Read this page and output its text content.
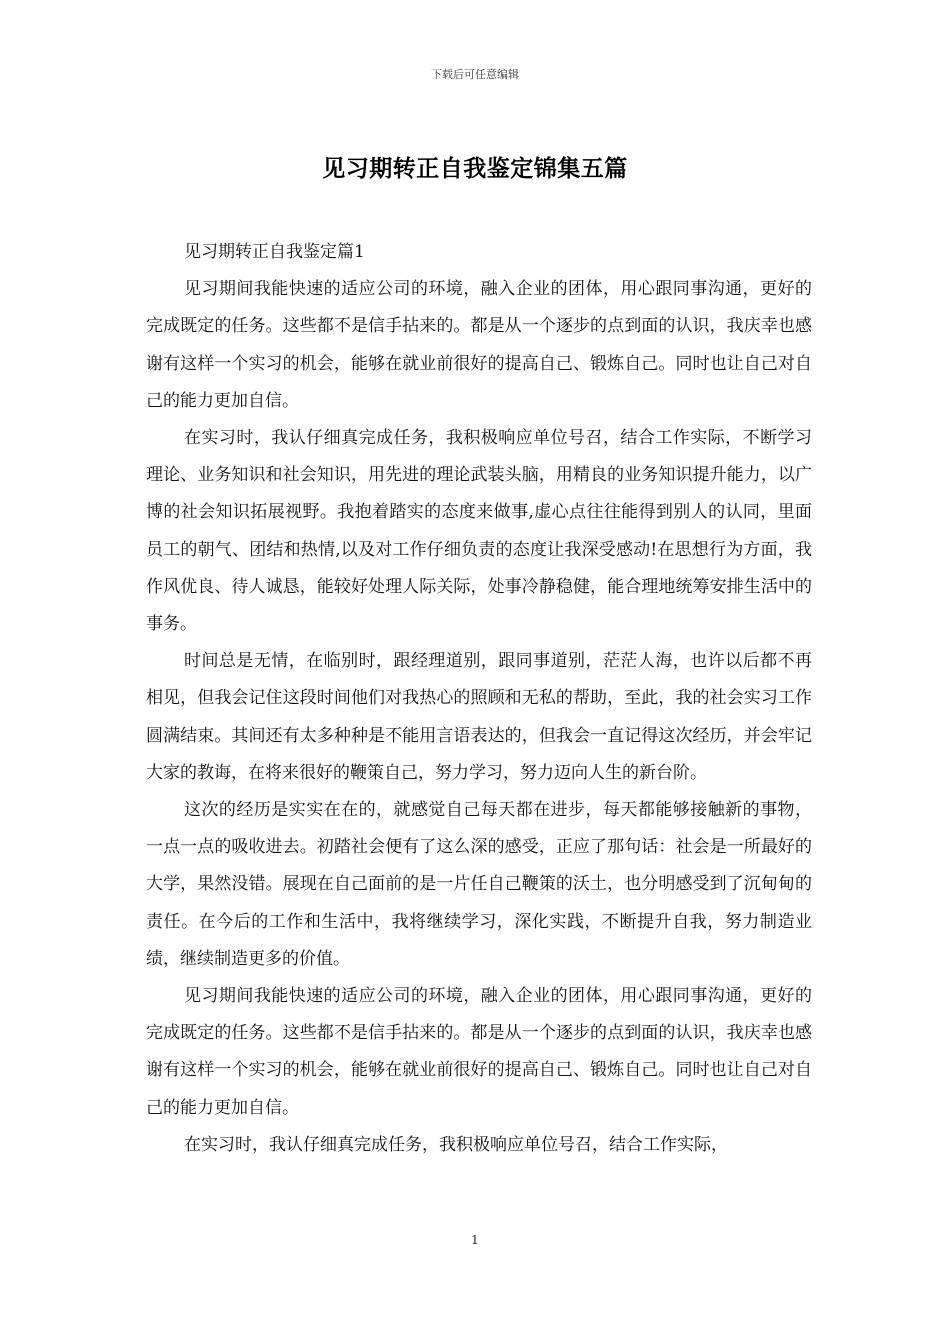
下载后可任意编辑
见习期转正自我鉴定锦集五篇

见习期转正自我鉴定篇1

见习期间我能快速的适应公司的环境，融入企业的团体，用心跟同事沟通，更好的完成既定的任务。这些都不是信手拈来的。都是从一个逐步的点到面的认识，我庆幸也感谢有这样一个实习的机会，能够在就业前很好的提高自己、锻炼自己。同时也让自己对自己的能力更加自信。

在实习时，我认仔细真完成任务，我积极响应单位号召，结合工作实际，不断学习理论、业务知识和社会知识，用先进的理论武装头脑，用精良的业务知识提升能力，以广博的社会知识拓展视野。我抱着踏实的态度来做事,虚心点往往能得到别人的认同，里面员工的朝气、团结和热情,以及对工作仔细负责的态度让我深受感动!在思想行为方面，我作风优良、待人诚恳，能较好处理人际关际，处事冷静稳健，能合理地统筹安排生活中的事务。

时间总是无情，在临别时，跟经理道别，跟同事道别，茫茫人海，也许以后都不再相见，但我会记住这段时间他们对我热心的照顾和无私的帮助，至此，我的社会实习工作圆满结束。其间还有太多种种是不能用言语表达的，但我会一直记得这次经历，并会牢记大家的教诲，在将来很好的鞭策自己，努力学习，努力迈向人生的新台阶。

这次的经历是实实在在的，就感觉自己每天都在进步，每天都能够接触新的事物，一点一点的吸收进去。初踏社会便有了这么深的感受，正应了那句话：社会是一所最好的大学，果然没错。展现在自己面前的是一片任自己鞭策的沃土，也分明感受到了沉甸甸的责任。在今后的工作和生活中，我将继续学习，深化实践，不断提升自我，努力制造业绩，继续制造更多的价值。

见习期间我能快速的适应公司的环境，融入企业的团体，用心跟同事沟通，更好的完成既定的任务。这些都不是信手拈来的。都是从一个逐步的点到面的认识，我庆幸也感谢有这样一个实习的机会，能够在就业前很好的提高自己、锻炼自己。同时也让自己对自己的能力更加自信。

在实习时，我认仔细真完成任务，我积极响应单位号召，结合工作实际，

1
